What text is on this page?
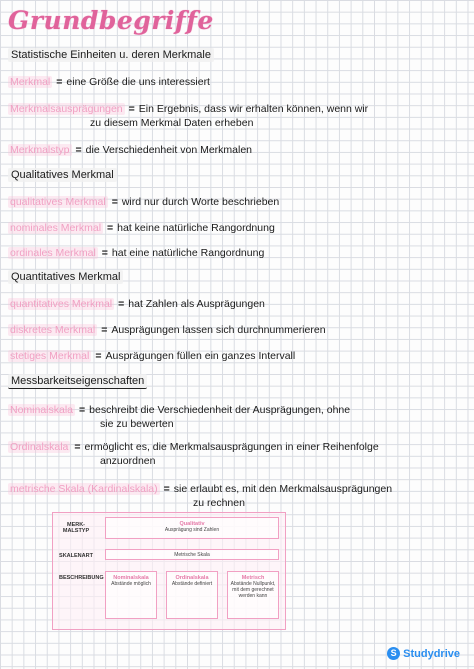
Grundbegriffe
Statistische Einheiten u. deren Merkmale
Merkmal = eine Größe die uns interessiert
Merkmalsausprägungen = Ein Ergebnis, dass wir erhalten können, wenn wir
zu diesem Merkmal Daten erheben
Merkmalstyp = die Verschiedenheit von Merkmalen
Qualitatives Merkmal
qualitatives Merkmal = wird nur durch Worte beschrieben
nominales Merkmal = hat keine natürliche Rangordnung
ordinales Merkmal = hat eine natürliche Rangordnung
Quantitatives Merkmal
quantitatives Merkmal = hat Zahlen als Ausprägungen
diskretes Merkmal = Ausprägungen lassen sich durchnummerieren
stetiges Merkmal = Ausprägungen füllen ein ganzes Intervall
Messbarkeitseigenschaften
Nominalskala = beschreibt die Verschiedenheit der Ausprägungen, ohne
sie zu bewerten
Ordinalskala = ermöglicht es, die Merkmalsausprägungen in einer Reihenfolge
anzuordnen
metrische Skala (Kardinalskala) = sie erlaubt es, mit den Merkmalsausprägungen
zu rechnen
MERK-MALSTYP
SKALENART
BESCHREIBUNG
Qualitativ
Ausprägung sind Zahlen
Metrische Skala
Nominalskala
Abstände möglich
Ordinalskala
Abstände definiert
Metrisch
Abstände Nullpunkt, mit dem gerechnet werden kann
S Studydrive
